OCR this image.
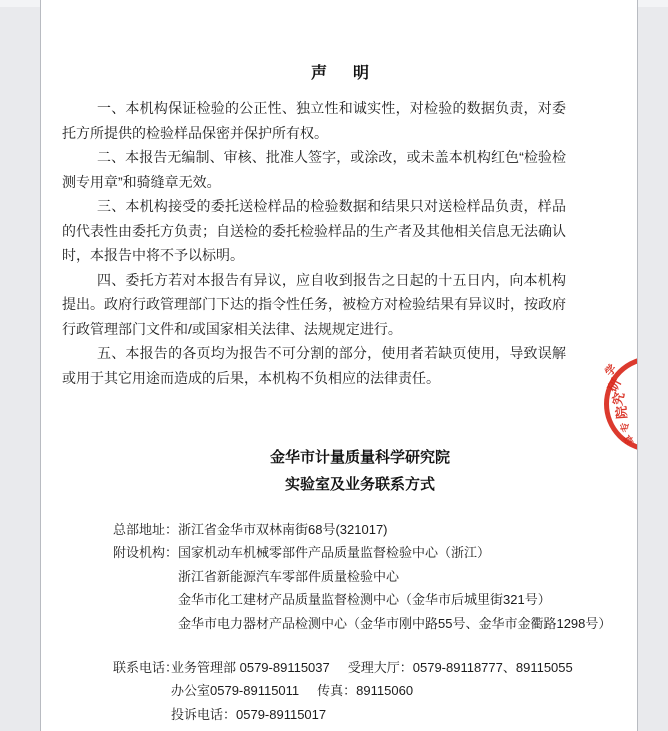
声 明

一、本机构保证检验的公正性、独立性和诚实性，对检验的数据负责，对委托方所提供的检验样品保密并保护所有权。

二、本报告无编制、审核、批准人签字，或涂改，或未盖本机构红色“检验检测专用章”和骑缝章无效。

三、本机构接受的委托送检样品的检验数据和结果只对送检样品负责，样品的代表性由委托方负责；自送检的委托检验样品的生产者及其他相关信息无法确认时，本报告中将不予以标明。

四、委托方若对本报告有异议，应自收到报告之日起的十五日内，向本机构提出。政府行政管理部门下达的指令性任务，被检方对检验结果有异议时，按政府行政管理部门文件和/或国家相关法律、法规规定进行。

五、本报告的各页均为报告不可分割的部分，使用者若缺页使用，导致误解或用于其它用途而造成的后果，本机构不负相应的法律责任。

金华市计量质量科学研究院
实验室及业务联系方式
总部地址： 浙江省金华市双林南街68号(321017)
附设机构： 国家机动车机械零部件产品质量监督检验中心（浙江）
浙江省新能源汽车零部件质量检验中心
金华市化工建材产品质量监督检测中心（金华市后城里街321号）
金华市电力器材产品检测中心（金华市刚中路55号、金华市金衢路1298号）
联系电话：业务管理部 0579-89115037 受理大厅：0579-89118777、89115055
办公室0579-89115011 传真：89115060
投诉电话：0579-89115017
学
研
究
院
专
章
